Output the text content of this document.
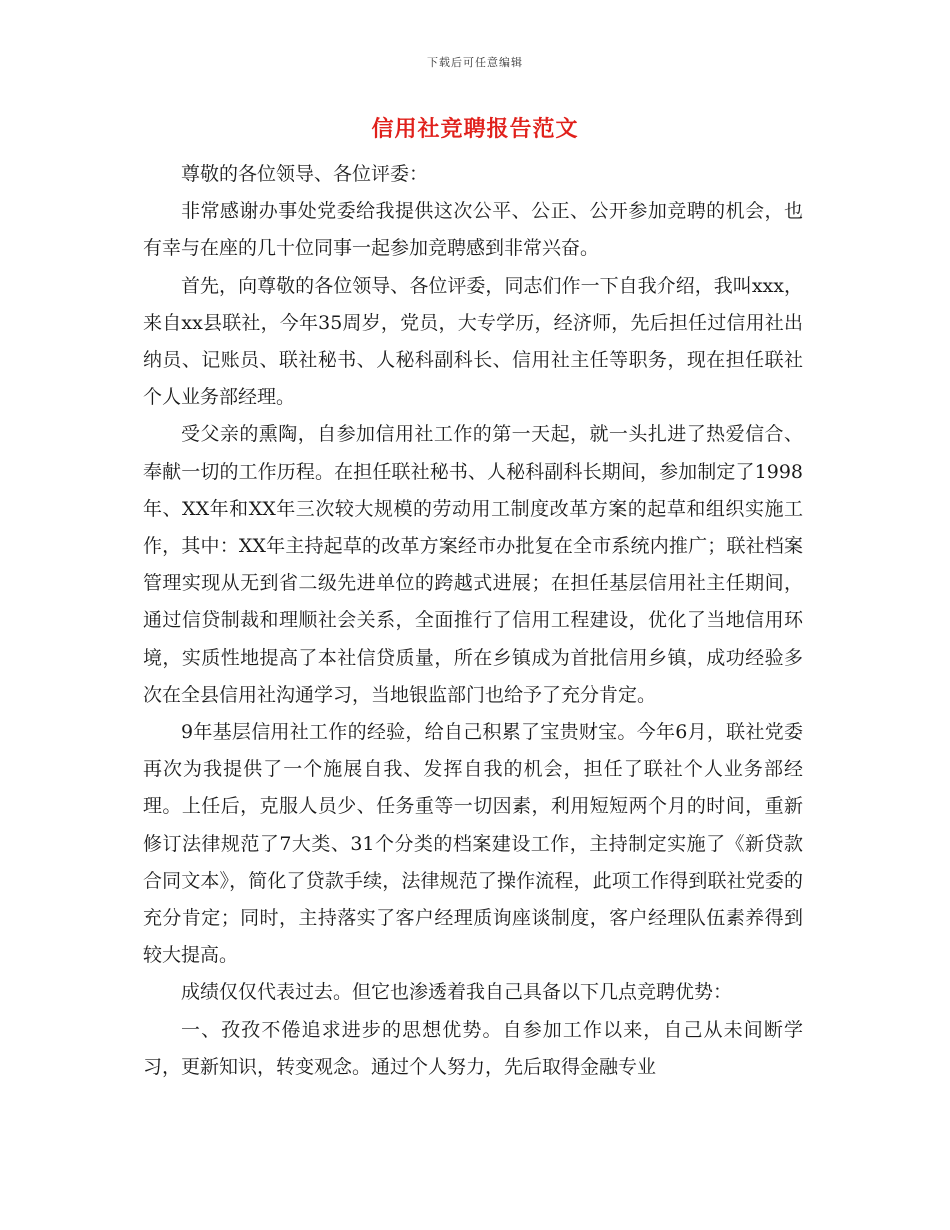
下载后可任意编辑
信用社竞聘报告范文

尊敬的各位领导、各位评委：

非常感谢办事处党委给我提供这次公平、公正、公开参加竞聘的机会，也有幸与在座的几十位同事一起参加竞聘感到非常兴奋。

首先，向尊敬的各位领导、各位评委，同志们作一下自我介绍，我叫xxx，来自xx县联社，今年35周岁，党员，大专学历，经济师，先后担任过信用社出纳员、记账员、联社秘书、人秘科副科长、信用社主任等职务，现在担任联社个人业务部经理。

受父亲的熏陶，自参加信用社工作的第一天起，就一头扎进了热爱信合、奉献一切的工作历程。在担任联社秘书、人秘科副科长期间，参加制定了1998年、XX年和XX年三次较大规模的劳动用工制度改革方案的起草和组织实施工作，其中：XX年主持起草的改革方案经市办批复在全市系统内推广；联社档案管理实现从无到省二级先进单位的跨越式进展；在担任基层信用社主任期间，通过信贷制裁和理顺社会关系，全面推行了信用工程建设，优化了当地信用环境，实质性地提高了本社信贷质量，所在乡镇成为首批信用乡镇，成功经验多次在全县信用社沟通学习，当地银监部门也给予了充分肯定。

9年基层信用社工作的经验，给自己积累了宝贵财宝。今年6月，联社党委再次为我提供了一个施展自我、发挥自我的机会，担任了联社个人业务部经理。上任后，克服人员少、任务重等一切因素，利用短短两个月的时间，重新修订法律规范了7大类、31个分类的档案建设工作，主持制定实施了《新贷款合同文本》，简化了贷款手续，法律规范了操作流程，此项工作得到联社党委的充分肯定；同时，主持落实了客户经理质询座谈制度，客户经理队伍素养得到较大提高。

成绩仅仅代表过去。但它也渗透着我自己具备以下几点竞聘优势：

一、孜孜不倦追求进步的思想优势。自参加工作以来，自己从未间断学习，更新知识，转变观念。通过个人努力，先后取得金融专业
